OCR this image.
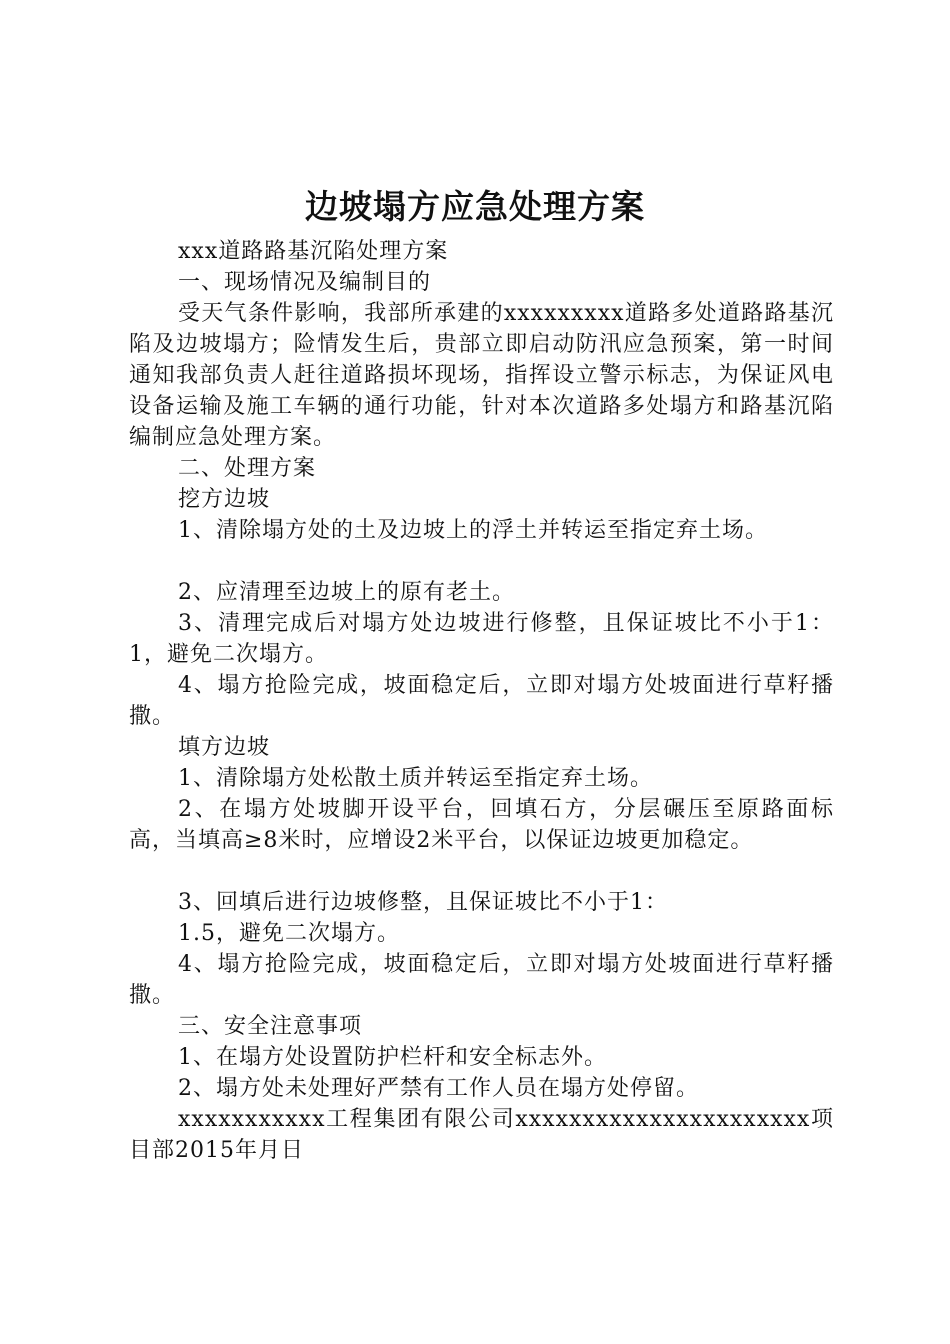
边坡塌方应急处理方案

xxx道路路基沉陷处理方案

一、现场情况及编制目的

受天气条件影响，我部所承建的xxxxxxxxx道路多处道路路基沉陷及边坡塌方；险情发生后，贵部立即启动防汛应急预案，第一时间通知我部负责人赶往道路损坏现场，指挥设立警示标志，为保证风电设备运输及施工车辆的通行功能，针对本次道路多处塌方和路基沉陷编制应急处理方案。

二、处理方案

挖方边坡

1、清除塌方处的土及边坡上的浮土并转运至指定弃土场。

2、应清理至边坡上的原有老土。

3、清理完成后对塌方处边坡进行修整，且保证坡比不小于1：1，避免二次塌方。

4、塌方抢险完成，坡面稳定后，立即对塌方处坡面进行草籽播撒。

填方边坡

1、清除塌方处松散土质并转运至指定弃土场。

2、在塌方处坡脚开设平台，回填石方，分层碾压至原路面标高，当填高≥8米时，应增设2米平台，以保证边坡更加稳定。

3、回填后进行边坡修整，且保证坡比不小于1：

1.5，避免二次塌方。

4、塌方抢险完成，坡面稳定后，立即对塌方处坡面进行草籽播撒。

三、安全注意事项

1、在塌方处设置防护栏杆和安全标志外。

2、塌方处未处理好严禁有工作人员在塌方处停留。

xxxxxxxxxxx工程集团有限公司xxxxxxxxxxxxxxxxxxxxxx项目部2015年月日
